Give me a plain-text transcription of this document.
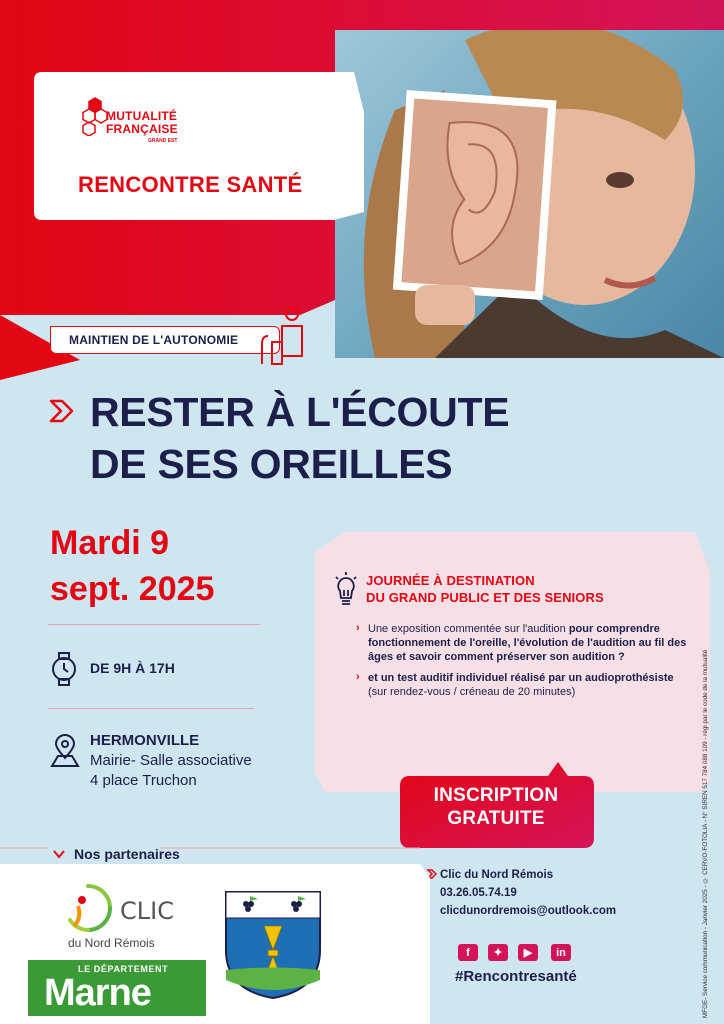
MUTUALITÉ
FRANÇAISE
GRAND EST
RENCONTRE SANTÉ
MAINTIEN DE L'AUTONOMIE
RESTER À L'ÉCOUTE
DE SES OREILLES
Mardi 9
sept. 2025
DE 9H À 17H
HERMONVILLE
Mairie- Salle associative
4 place Truchon
JOURNÉE À DESTINATION
DU GRAND PUBLIC ET DES SENIORS
› Une exposition commentée sur l'audition pour comprendre fonctionnement de l'oreille, l'évolution de l'audition au fil des âges et savoir comment préserver son audition ?
› et un test auditif individuel réalisé par un audioprothésiste (sur rendez-vous / créneau de 20 minutes)
INSCRIPTION
GRATUITE
Clic du Nord Rémois
03.26.05.74.19
clicdunordremois@outlook.com
f	✦	▶	in
#Rencontresanté	MFGE- Service communication - Janvier 2025 - © CERVO-FOTOLIA - N° SIREN 517 784 088 109 - régi par le code de la mutualité
Nos partenaires
CLIC
du Nord Rémois
LE DÉPARTEMENT
Marne
